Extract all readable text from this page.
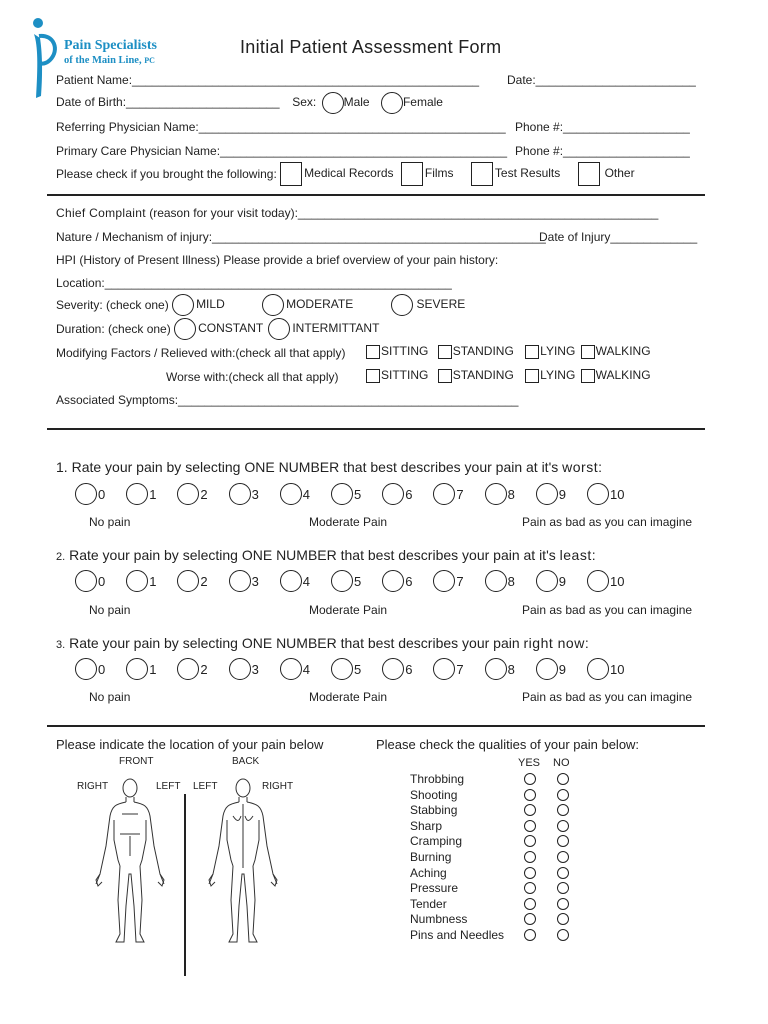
Pain Specialists
of the Main Line, PC
Initial Patient Assessment Form
Patient Name:____________________________________________________ Date:________________________
Date of Birth:_______________________ Sex: Male	Female
Referring Physician Name:______________________________________________ Phone #:___________________
Primary Care Physician Name:___________________________________________ Phone #:___________________
Please check if you brought the following: Medical Records	Films	Test Results	Other
Chief Complaint (reason for your visit today):______________________________________________________
Nature / Mechanism of injury:__________________________________________________
Date of Injury_____________
HPI (History of Present Illness) Please provide a brief overview of your pain history:
Location:____________________________________________________
Severity: (check one) MILD	MODERATE	SEVERE
Duration: (check one) CONSTANT INTERMITTANT
Modifying Factors / Relieved with:(check all that apply)	SITTING STANDING LYING WALKING
Worse with:(check all that apply)	SITTING STANDING LYING WALKING
Associated Symptoms:___________________________________________________
1. Rate your pain by selecting ONE NUMBER that best describes your pain at it's worst:
0	1	2	3	4	5	6	7	8	9	10
No pain	Moderate Pain	Pain as bad as you can imagine
2. Rate your pain by selecting ONE NUMBER that best describes your pain at it's least:
0	1	2	3	4	5	6	7	8	9	10
No pain	Moderate Pain	Pain as bad as you can imagine
3. Rate your pain by selecting ONE NUMBER that best describes your pain right now:
0	1	2	3	4	5	6	7	8	9	10
No pain	Moderate Pain	Pain as bad as you can imagine
Please indicate the location of your pain below
FRONT	BACK
RIGHT	LEFT LEFT	RIGHT
Please check the qualities of your pain below:
YES NO
Throbbing
Shooting
Stabbing
Sharp
Cramping
Burning
Aching
Pressure
Tender
Numbness
Pins and Needles
